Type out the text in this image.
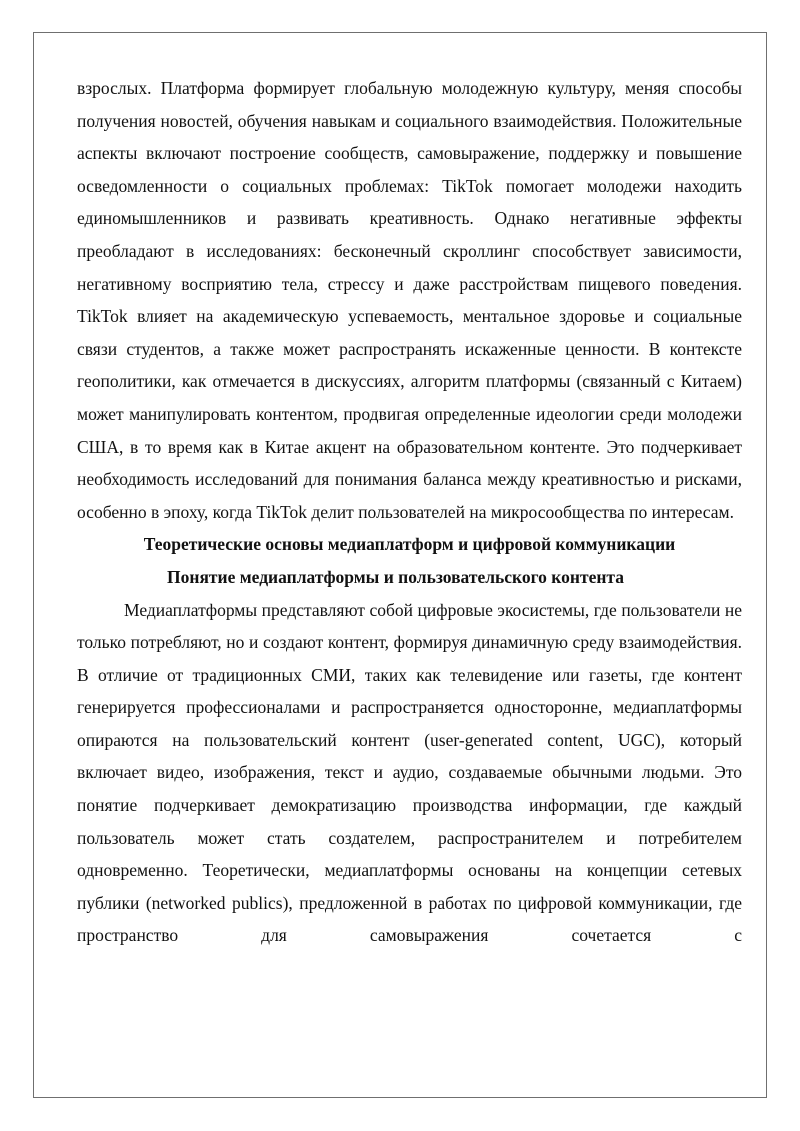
взрослых. Платформа формирует глобальную молодежную культуру, меняя способы получения новостей, обучения навыкам и социального взаимодействия. Положительные аспекты включают построение сообществ, самовыражение, поддержку и повышение осведомленности о социальных проблемах: TikTok помогает молодежи находить единомышленников и развивать креативность. Однако негативные эффекты преобладают в исследованиях: бесконечный скроллинг способствует зависимости, негативному восприятию тела, стрессу и даже расстройствам пищевого поведения. TikTok влияет на академическую успеваемость, ментальное здоровье и социальные связи студентов, а также может распространять искаженные ценности. В контексте геополитики, как отмечается в дискуссиях, алгоритм платформы (связанный с Китаем) может манипулировать контентом, продвигая определенные идеологии среди молодежи США, в то время как в Китае акцент на образовательном контенте. Это подчеркивает необходимость исследований для понимания баланса между креативностью и рисками, особенно в эпоху, когда TikTok делит пользователей на микросообщества по интересам.

Теоретические основы медиаплатформ и цифровой коммуникации
Понятие медиаплатформы и пользовательского контента

Медиаплатформы представляют собой цифровые экосистемы, где пользователи не только потребляют, но и создают контент, формируя динамичную среду взаимодействия. В отличие от традиционных СМИ, таких как телевидение или газеты, где контент генерируется профессионалами и распространяется односторонне, медиаплатформы опираются на пользовательский контент (user-generated content, UGC), который включает видео, изображения, текст и аудио, создаваемые обычными людьми. Это понятие подчеркивает демократизацию производства информации, где каждый пользователь может стать создателем, распространителем и потребителем одновременно. Теоретически, медиаплатформы основаны на концепции сетевых публики (networked publics), предложенной в работах по цифровой коммуникации, где пространство для самовыражения сочетается с
